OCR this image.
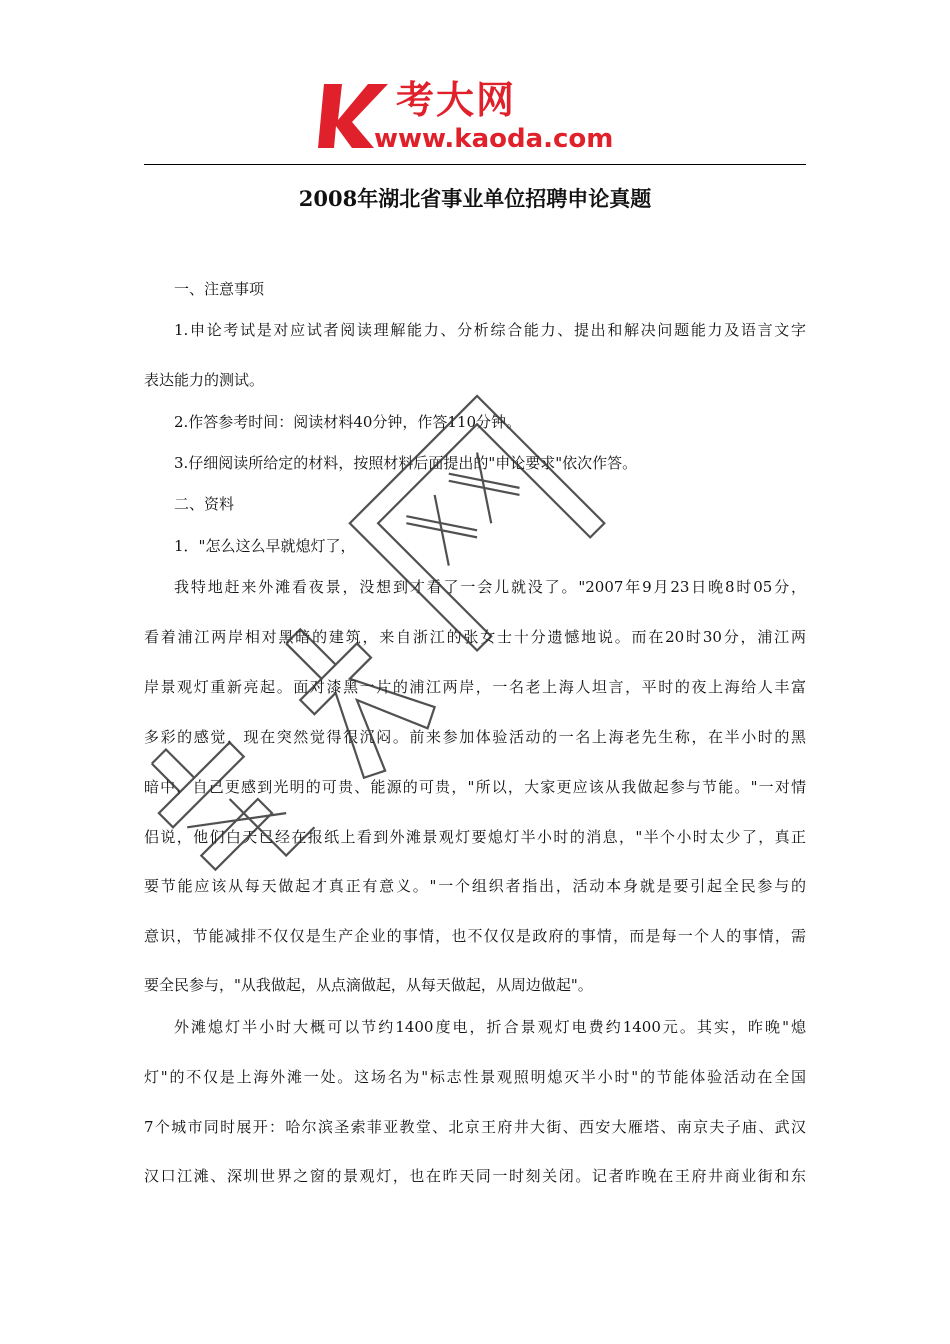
考大网
www.kaoda.com
2008年湖北省事业单位招聘申论真题
一、注意事项
1.申论考试是对应试者阅读理解能力、分析综合能力、提出和解决问题能力及语言文字
表达能力的测试。
2.作答参考时间：阅读材料40分钟，作答110分钟。
3.仔细阅读所给定的材料，按照材料后面提出的"申论要求"依次作答。
二、资料
1．"怎么这么早就熄灯了，
我特地赶来外滩看夜景，没想到才看了一会儿就没了。"2007年9月23日晚8时05分，
看着浦江两岸相对黑暗的建筑，来自浙江的张女士十分遗憾地说。而在20时30分，浦江两
岸景观灯重新亮起。面对漆黑一片的浦江两岸，一名老上海人坦言，平时的夜上海给人丰富
多彩的感觉，现在突然觉得很沉闷。前来参加体验活动的一名上海老先生称，在半小时的黑
暗中，自己更感到光明的可贵、能源的可贵，"所以，大家更应该从我做起参与节能。"一对情
侣说，他们白天已经在报纸上看到外滩景观灯要熄灯半小时的消息，"半个小时太少了，真正
要节能应该从每天做起才真正有意义。"一个组织者指出，活动本身就是要引起全民参与的
意识，节能减排不仅仅是生产企业的事情，也不仅仅是政府的事情，而是每一个人的事情，需
要全民参与，"从我做起，从点滴做起，从每天做起，从周边做起"。
外滩熄灯半小时大概可以节约1400度电，折合景观灯电费约1400元。其实，昨晚"熄
灯"的不仅是上海外滩一处。这场名为"标志性景观照明熄灭半小时"的节能体验活动在全国
7个城市同时展开：哈尔滨圣索菲亚教堂、北京王府井大街、西安大雁塔、南京夫子庙、武汉
汉口江滩、深圳世界之窗的景观灯，也在昨天同一时刻关闭。记者昨晚在王府井商业街和东
